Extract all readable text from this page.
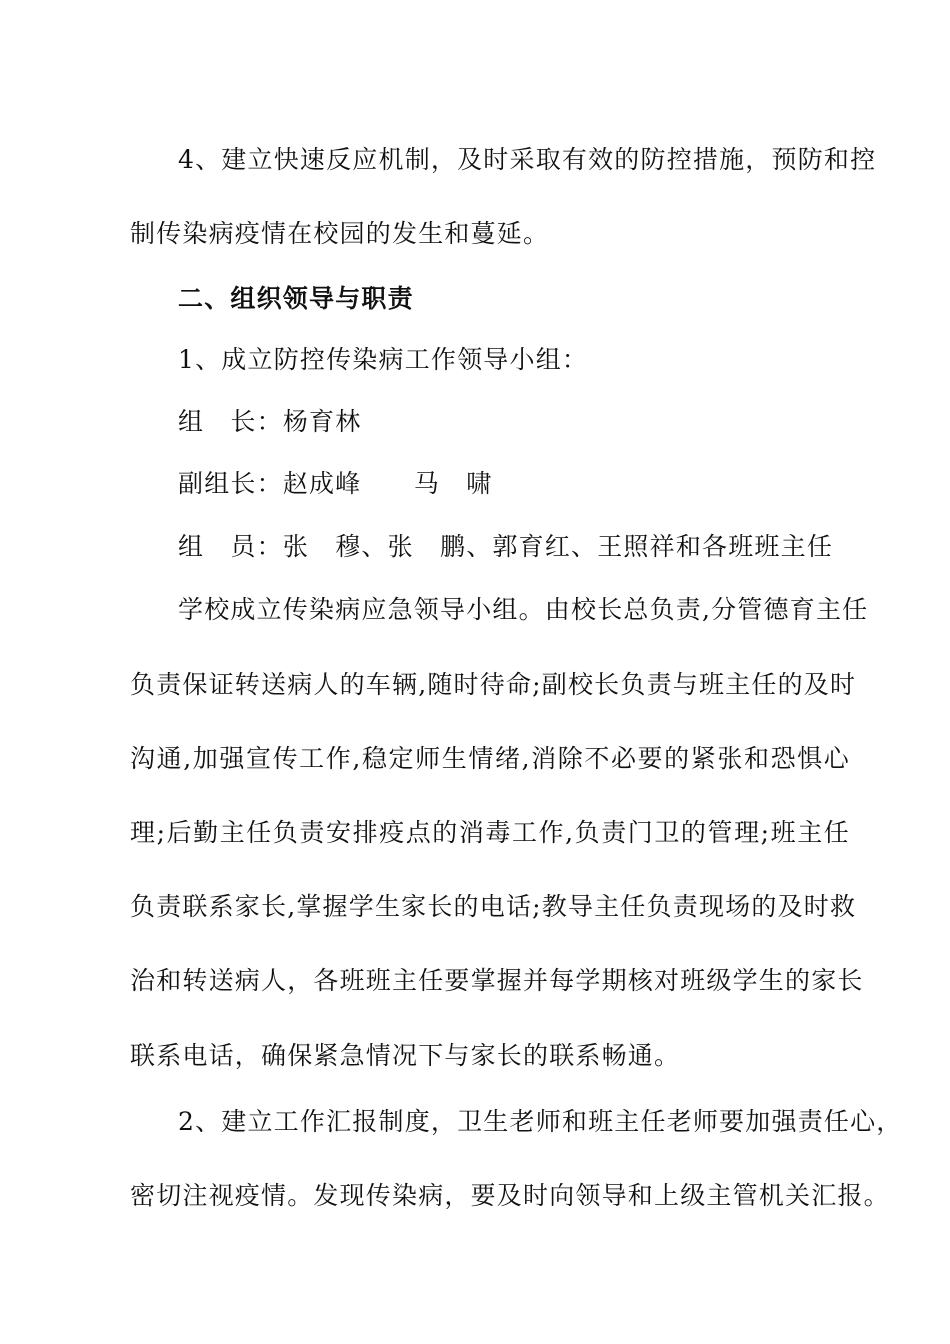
4、建立快速反应机制，及时采取有效的防控措施，预防和控
制传染病疫情在校园的发生和蔓延。
二、组织领导与职责
1、成立防控传染病工作领导小组：
组　长：杨育林
副组长：赵成峰　　马　啸
组　员：张　穆、张　鹏、郭育红、王照祥和各班班主任
学校成立传染病应急领导小组。由校长总负责,分管德育主任
负责保证转送病人的车辆,随时待命;副校长负责与班主任的及时
沟通,加强宣传工作,稳定师生情绪,消除不必要的紧张和恐惧心
理;后勤主任负责安排疫点的消毒工作,负责门卫的管理;班主任
负责联系家长,掌握学生家长的电话;教导主任负责现场的及时救
治和转送病人，各班班主任要掌握并每学期核对班级学生的家长
联系电话，确保紧急情况下与家长的联系畅通。
2、建立工作汇报制度，卫生老师和班主任老师要加强责任心，
密切注视疫情。发现传染病，要及时向领导和上级主管机关汇报。
